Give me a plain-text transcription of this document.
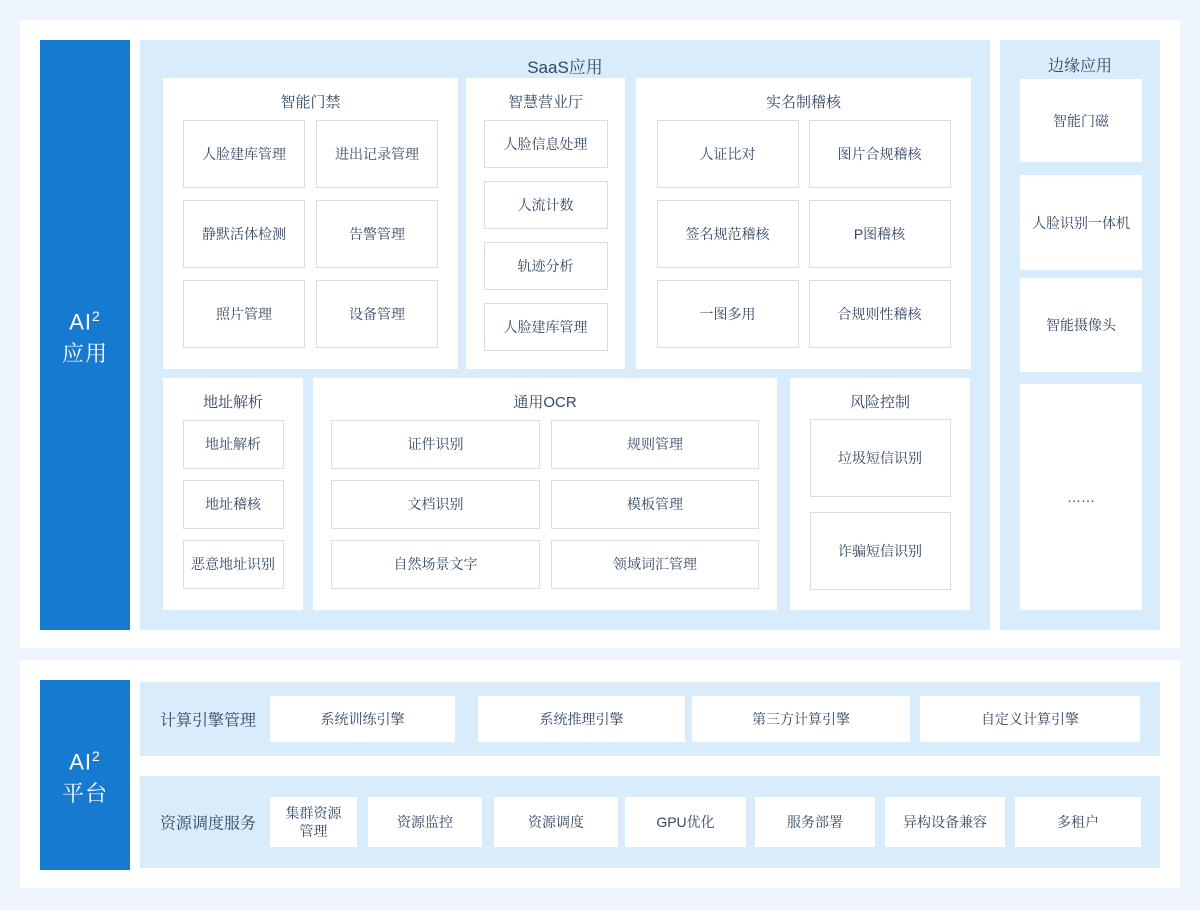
$AI^2$
应用
SaaS应用
智能门禁
人脸建库管理	进出记录管理
静默活体检测	告警管理
照片管理	设备管理
智慧营业厅
人脸信息处理
人流计数
轨迹分析
人脸建库管理
实名制稽核
人证比对	图片合规稽核
签名规范稽核	P图稽核
一图多用	合规则性稽核
地址解析
地址解析
地址稽核
恶意地址识别
通用OCR
证件识别	规则管理
文档识别	模板管理
自然场景文字	领域词汇管理
风险控制
垃圾短信识别
诈骗短信识别
边缘应用
智能门磁
人脸识别一体机
智能摄像头
……
$AI^2$
平台
计算引擎管理	系统训练引擎	系统推理引擎	第三方计算引擎	自定义计算引擎
资源调度服务
集群资源管理
资源监控	资源调度	GPU优化	服务部署	异构设备兼容	多租户
